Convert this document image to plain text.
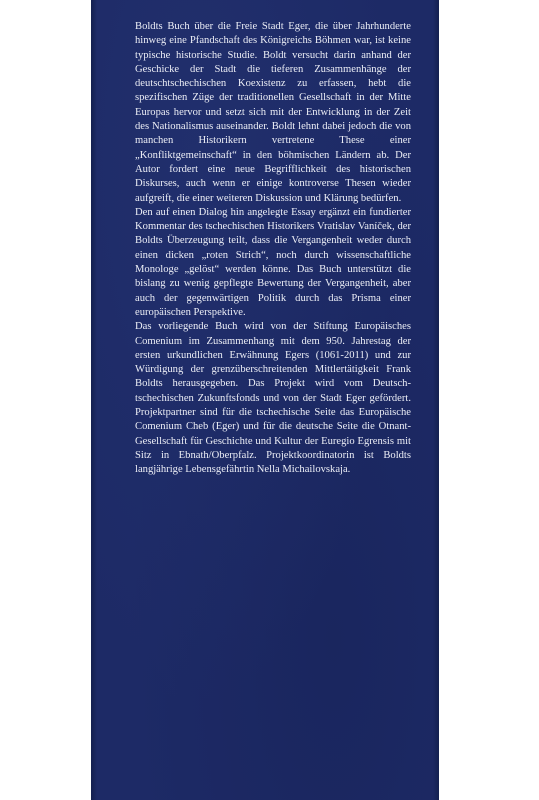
Boldts Buch über die Freie Stadt Eger, die über Jahrhunderte hinweg eine Pfandschaft des Königreichs Böhmen war, ist keine typische historische Studie. Boldt versucht darin anhand der Geschicke der Stadt die tieferen Zusammenhänge der deutschtschechischen Koexistenz zu erfassen, hebt die spezifischen Züge der traditionellen Gesellschaft in der Mitte Europas hervor und setzt sich mit der Entwicklung in der Zeit des Nationalismus auseinander. Boldt lehnt dabei jedoch die von manchen Historikern vertretene These einer „Konfliktgemeinschaft“ in den böhmischen Ländern ab. Der Autor fordert eine neue Begrifflichkeit des historischen Diskurses, auch wenn er einige kontroverse Thesen wieder aufgreift, die einer weiteren Diskussion und Klärung bedürfen.

Den auf einen Dialog hin angelegte Essay ergänzt ein fundierter Kommentar des tschechischen Historikers Vratislav Vaníček, der Boldts Überzeugung teilt, dass die Vergangenheit weder durch einen dicken „roten Strich“, noch durch wissenschaftliche Monologe „gelöst“ werden könne. Das Buch unterstützt die bislang zu wenig gepflegte Bewertung der Vergangenheit, aber auch der gegenwärtigen Politik durch das Prisma einer europäischen Perspektive.

Das vorliegende Buch wird von der Stiftung Europäisches Comenium im Zusammenhang mit dem 950. Jahrestag der ersten urkundlichen Erwähnung Egers (1061-2011) und zur Würdigung der grenzüberschreitenden Mittlertätigkeit Frank Boldts herausgegeben. Das Projekt wird vom Deutsch-tschechischen Zukunftsfonds und von der Stadt Eger gefördert. Projektpartner sind für die tschechische Seite das Europäische Comenium Cheb (Eger) und für die deutsche Seite die Otnant-Gesellschaft für Geschichte und Kultur der Euregio Egrensis mit Sitz in Ebnath/Oberpfalz. Projektkoordinatorin ist Boldts langjährige Lebensgefährtin Nella Michailovskaja.
